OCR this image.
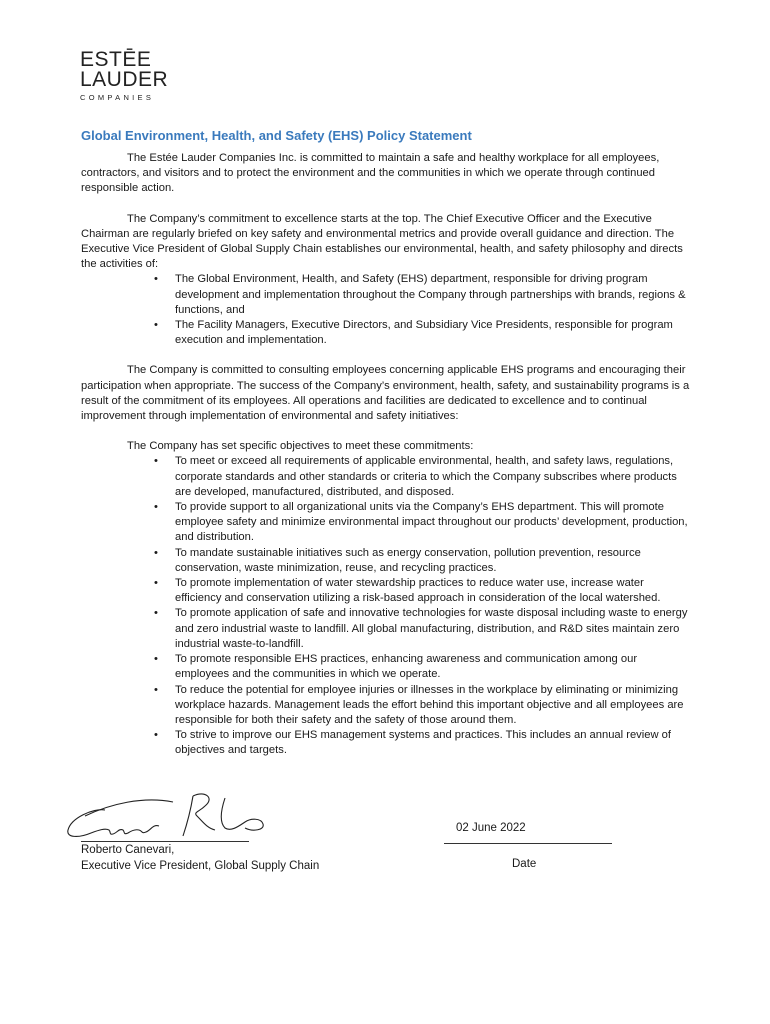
ESTĒE
LAUDER
COMPANIES
Global Environment, Health, and Safety (EHS) Policy Statement

The Estée Lauder Companies Inc. is committed to maintain a safe and healthy workplace for all employees, contractors, and visitors and to protect the environment and the communities in which we operate through continued responsible action.

The Company’s commitment to excellence starts at the top. The Chief Executive Officer and the Executive Chairman are regularly briefed on key safety and environmental metrics and provide overall guidance and direction. The Executive Vice President of Global Supply Chain establishes our environmental, health, and safety philosophy and directs the activities of:

• The Global Environment, Health, and Safety (EHS) department, responsible for driving program development and implementation throughout the Company through partnerships with brands, regions & functions, and
• The Facility Managers, Executive Directors, and Subsidiary Vice Presidents, responsible for program execution and implementation.

The Company is committed to consulting employees concerning applicable EHS programs and encouraging their participation when appropriate. The success of the Company’s environment, health, safety, and sustainability programs is a result of the commitment of its employees. All operations and facilities are dedicated to excellence and to continual improvement through implementation of environmental and safety initiatives:

The Company has set specific objectives to meet these commitments:

• To meet or exceed all requirements of applicable environmental, health, and safety laws, regulations, corporate standards and other standards or criteria to which the Company subscribes where products are developed, manufactured, distributed, and disposed.
• To provide support to all organizational units via the Company’s EHS department. This will promote employee safety and minimize environmental impact throughout our products’ development, production, and distribution.
• To mandate sustainable initiatives such as energy conservation, pollution prevention, resource conservation, waste minimization, reuse, and recycling practices.
• To promote implementation of water stewardship practices to reduce water use, increase water efficiency and conservation utilizing a risk-based approach in consideration of the local watershed.
• To promote application of safe and innovative technologies for waste disposal including waste to energy and zero industrial waste to landfill. All global manufacturing, distribution, and R&D sites maintain zero industrial waste-to-landfill.
• To promote responsible EHS practices, enhancing awareness and communication among our employees and the communities in which we operate.
• To reduce the potential for employee injuries or illnesses in the workplace by eliminating or minimizing workplace hazards. Management leads the effort behind this important objective and all employees are responsible for both their safety and the safety of those around them.
• To strive to improve our EHS management systems and practices. This includes an annual review of objectives and targets.
Roberto Canevari,
Executive Vice President, Global Supply Chain
02 June 2022
Date
